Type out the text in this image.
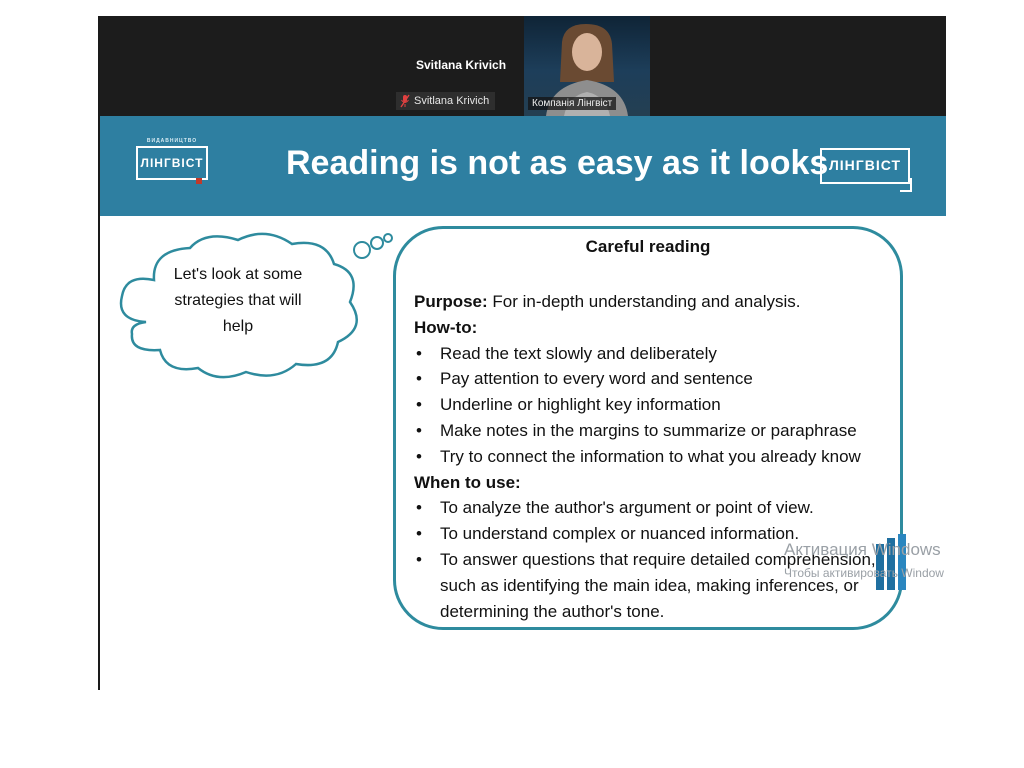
Svitlana Krivich
Svitlana Krivich	Компанія Лінгвіст
ВИДАВНИЦТВО
ЛІНГВІСТ Reading is not as easy as it looks ЛІНГВІСТ
Let's look at some strategies that will help
Careful reading
Purpose: For in-depth understanding and analysis.
How-to:
• Read the text slowly and deliberately
• Pay attention to every word and sentence
• Underline or highlight key information
• Make notes in the margins to summarize or paraphrase
• Try to connect the information to what you already know
When to use:
• To analyze the author's argument or point of view.
• To understand complex or nuanced information.
• To answer questions that require detailed comprehension,
such as identifying the main idea, making inferences, or
determining the author's tone.
Активация Windows
Чтобы активировать Window
